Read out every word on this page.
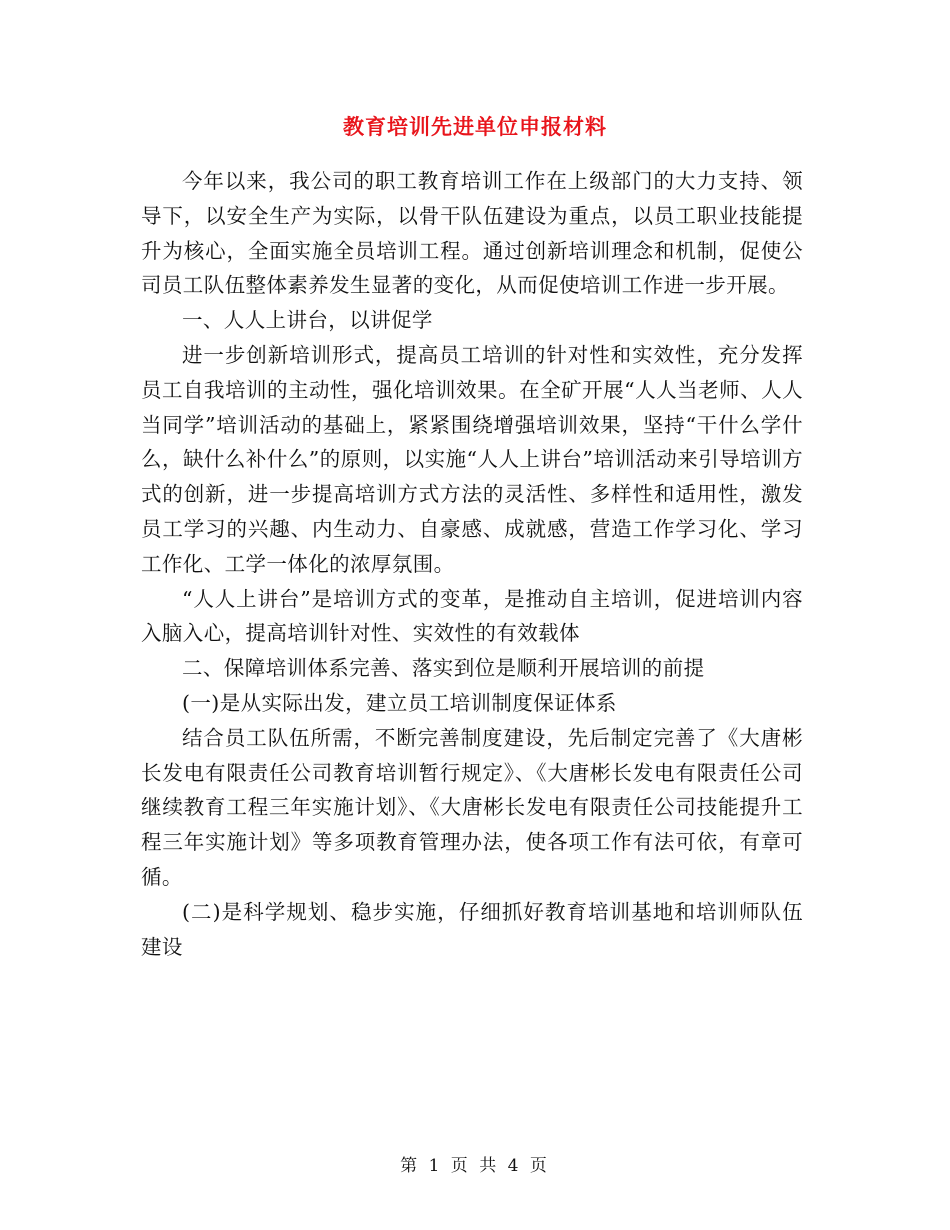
教育培训先进单位申报材料

今年以来，我公司的职工教育培训工作在上级部门的大力支持、领导下，以安全生产为实际，以骨干队伍建设为重点，以员工职业技能提升为核心，全面实施全员培训工程。通过创新培训理念和机制，促使公司员工队伍整体素养发生显著的变化，从而促使培训工作进一步开展。

一、人人上讲台，以讲促学

进一步创新培训形式，提高员工培训的针对性和实效性，充分发挥员工自我培训的主动性，强化培训效果。在全矿开展“人人当老师、人人当同学”培训活动的基础上，紧紧围绕增强培训效果，坚持“干什么学什么，缺什么补什么”的原则，以实施“人人上讲台”培训活动来引导培训方式的创新，进一步提高培训方式方法的灵活性、多样性和适用性，激发员工学习的兴趣、内生动力、自豪感、成就感，营造工作学习化、学习工作化、工学一体化的浓厚氛围。

“人人上讲台”是培训方式的变革，是推动自主培训，促进培训内容入脑入心，提高培训针对性、实效性的有效载体

二、保障培训体系完善、落实到位是顺利开展培训的前提

(一)是从实际出发，建立员工培训制度保证体系

结合员工队伍所需，不断完善制度建设，先后制定完善了《大唐彬长发电有限责任公司教育培训暂行规定》、《大唐彬长发电有限责任公司继续教育工程三年实施计划》、《大唐彬长发电有限责任公司技能提升工程三年实施计划》等多项教育管理办法，使各项工作有法可依，有章可循。

(二)是科学规划、稳步实施，仔细抓好教育培训基地和培训师队伍建设

第 1 页 共 4 页
